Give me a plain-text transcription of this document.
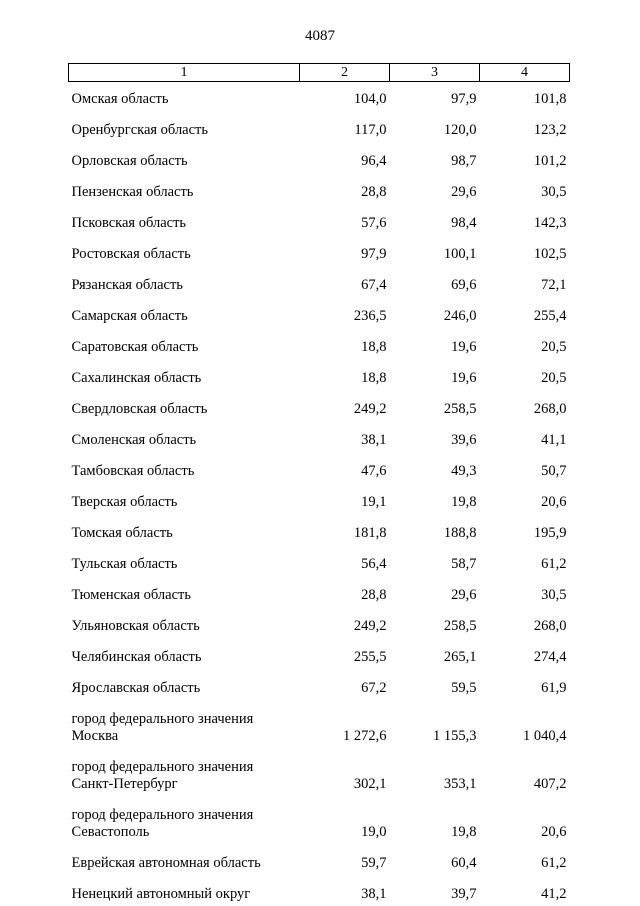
4087
1	2	3	4

Омская область	104,0	97,9	101,8

Оренбургская область	117,0	120,0	123,2

Орловская область	96,4	98,7	101,2

Пензенская область	28,8	29,6	30,5

Псковская область	57,6	98,4	142,3

Ростовская область	97,9	100,1	102,5

Рязанская область	67,4	69,6	72,1

Самарская область	236,5	246,0	255,4

Саратовская область	18,8	19,6	20,5

Сахалинская область	18,8	19,6	20,5

Свердловская область	249,2	258,5	268,0

Смоленская область	38,1	39,6	41,1

Тамбовская область	47,6	49,3	50,7

Тверская область	19,1	19,8	20,6

Томская область	181,8	188,8	195,9

Тульская область	56,4	58,7	61,2

Тюменская область	28,8	29,6	30,5

Ульяновская область	249,2	258,5	268,0

Челябинская область	255,5	265,1	274,4

Ярославская область	67,2	59,5	61,9

город федерального значения
Москва	1 272,6	1 155,3	1 040,4

город федерального значения
Санкт-Петербург	302,1	353,1	407,2

город федерального значения
Севастополь	19,0	19,8	20,6

Еврейская автономная область	59,7	60,4	61,2

Ненецкий автономный округ	38,1	39,7	41,2
